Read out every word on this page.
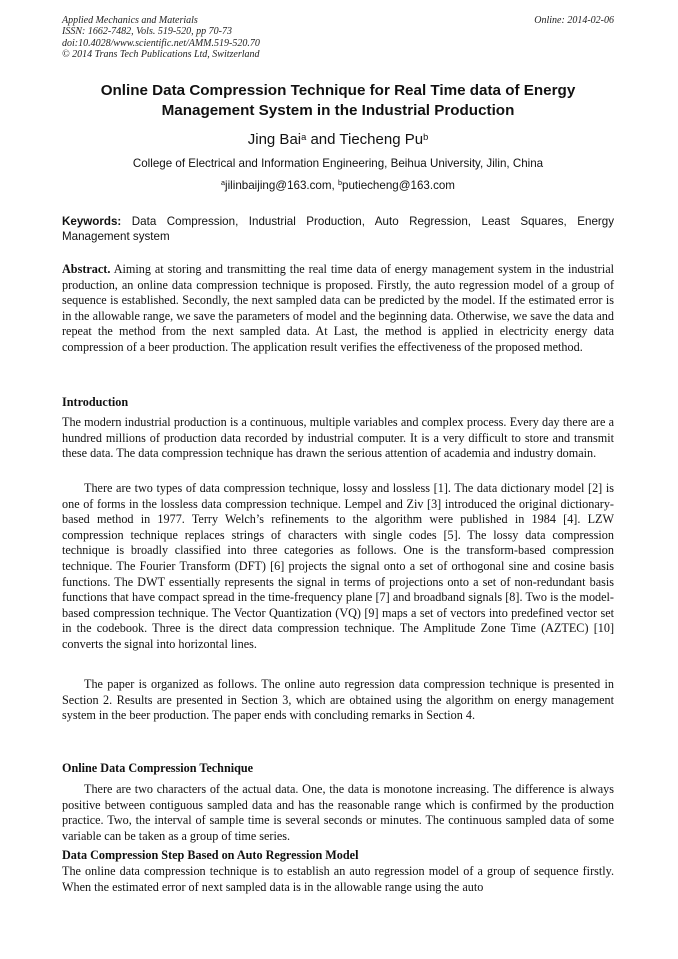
Applied Mechanics and Materials
ISSN: 1662-7482, Vols. 519-520, pp 70-73
doi:10.4028/www.scientific.net/AMM.519-520.70
© 2014 Trans Tech Publications Ltd, Switzerland
Online: 2014-02-06
Online Data Compression Technique for Real Time data of Energy Management System in the Industrial Production
Jing Bai$^a$ and Tiecheng Pu$^b$
College of Electrical and Information Engineering, Beihua University, Jilin, China
$^a$jilinbaijing@163.com, $^b$putiecheng@163.com
Keywords: Data Compression, Industrial Production, Auto Regression, Least Squares, Energy Management system

Abstract. Aiming at storing and transmitting the real time data of energy management system in the industrial production, an online data compression technique is proposed. Firstly, the auto regression model of a group of sequence is established. Secondly, the next sampled data can be predicted by the model. If the estimated error is in the allowable range, we save the parameters of model and the beginning data. Otherwise, we save the data and repeat the method from the next sampled data. At Last, the method is applied in electricity energy data compression of a beer production. The application result verifies the effectiveness of the proposed method.

Introduction

The modern industrial production is a continuous, multiple variables and complex process. Every day there are a hundred millions of production data recorded by industrial computer. It is a very difficult to store and transmit these data. The data compression technique has drawn the serious attention of academia and industry domain.

There are two types of data compression technique, lossy and lossless [1]. The data dictionary model [2] is one of forms in the lossless data compression technique. Lempel and Ziv [3] introduced the original dictionary-based method in 1977. Terry Welch’s refinements to the algorithm were published in 1984 [4]. LZW compression technique replaces strings of characters with single codes [5]. The lossy data compression technique is broadly classified into three categories as follows. One is the transform-based compression technique. The Fourier Transform (DFT) [6] projects the signal onto a set of orthogonal sine and cosine basis functions. The DWT essentially represents the signal in terms of projections onto a set of non-redundant basis functions that have compact spread in the time-frequency plane [7] and broadband signals [8]. Two is the model-based compression technique. The Vector Quantization (VQ) [9] maps a set of vectors into predefined vector set in the codebook. Three is the direct data compression technique. The Amplitude Zone Time (AZTEC) [10] converts the signal into horizontal lines.

The paper is organized as follows. The online auto regression data compression technique is presented in Section 2. Results are presented in Section 3, which are obtained using the algorithm on energy management system in the beer production. The paper ends with concluding remarks in Section 4.

Online Data Compression Technique

There are two characters of the actual data. One, the data is monotone increasing. The difference is always positive between contiguous sampled data and has the reasonable range which is confirmed by the production practice. Two, the interval of sample time is several seconds or minutes. The continuous sampled data of some variable can be taken as a group of time series.

Data Compression Step Based on Auto Regression Model

The online data compression technique is to establish an auto regression model of a group of sequence firstly. When the estimated error of next sampled data is in the allowable range using the auto
